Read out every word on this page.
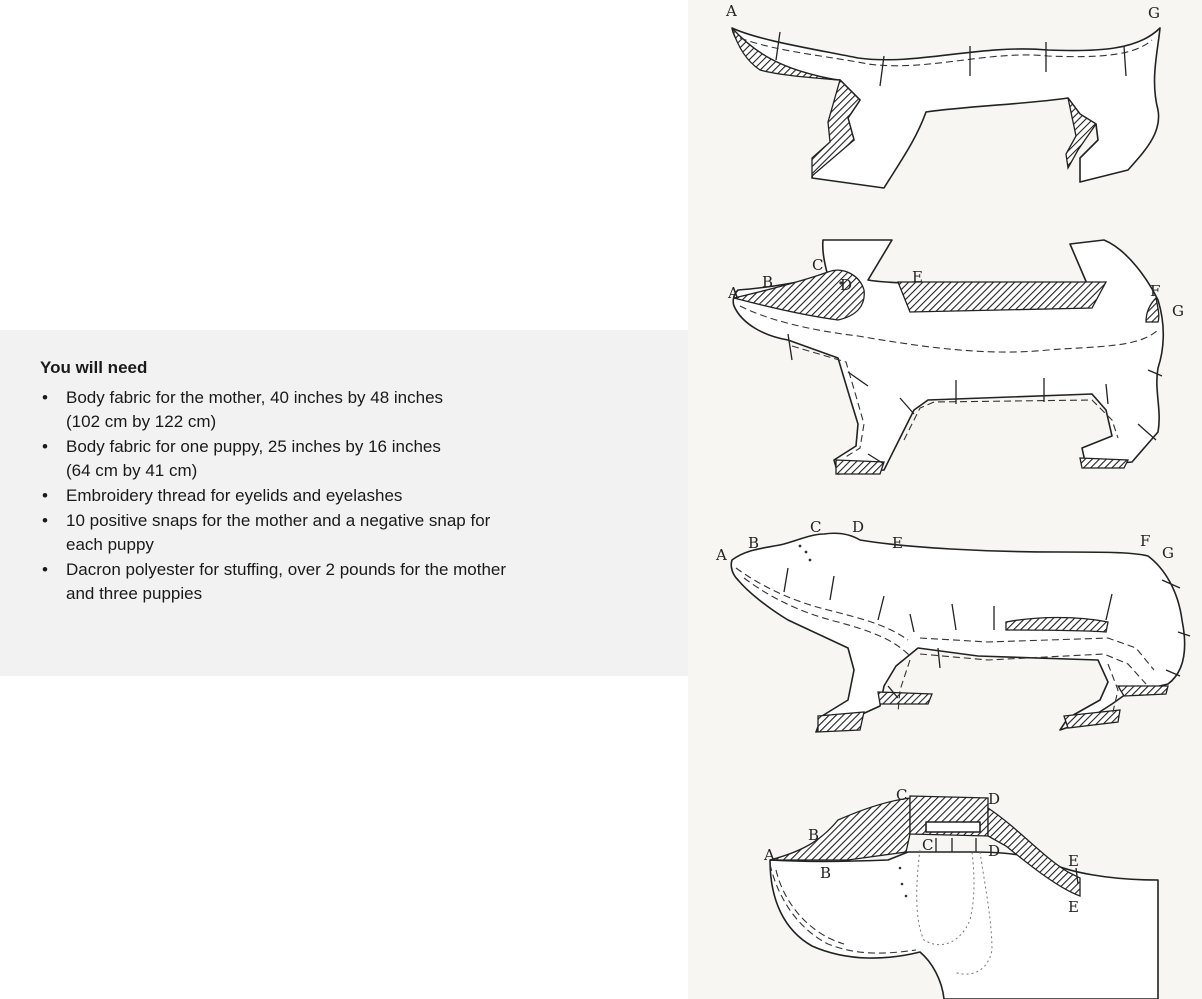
You will need
• Body fabric for the mother, 40 inches by 48 inches
(102 cm by 122 cm)
• Body fabric for one puppy, 25 inches by 16 inches
(64 cm by 41 cm)
• Embroidery thread for eyelids and eyelashes
• 10 positive snaps for the mother and a negative snap for
each puppy
• Dacron polyester for stuffing, over 2 pounds for the mother
and three puppies
A	G
A
B
C
D	E
F
G
A
B
C D
E	F
G
A
B
B
C
C
D
D
E
E
